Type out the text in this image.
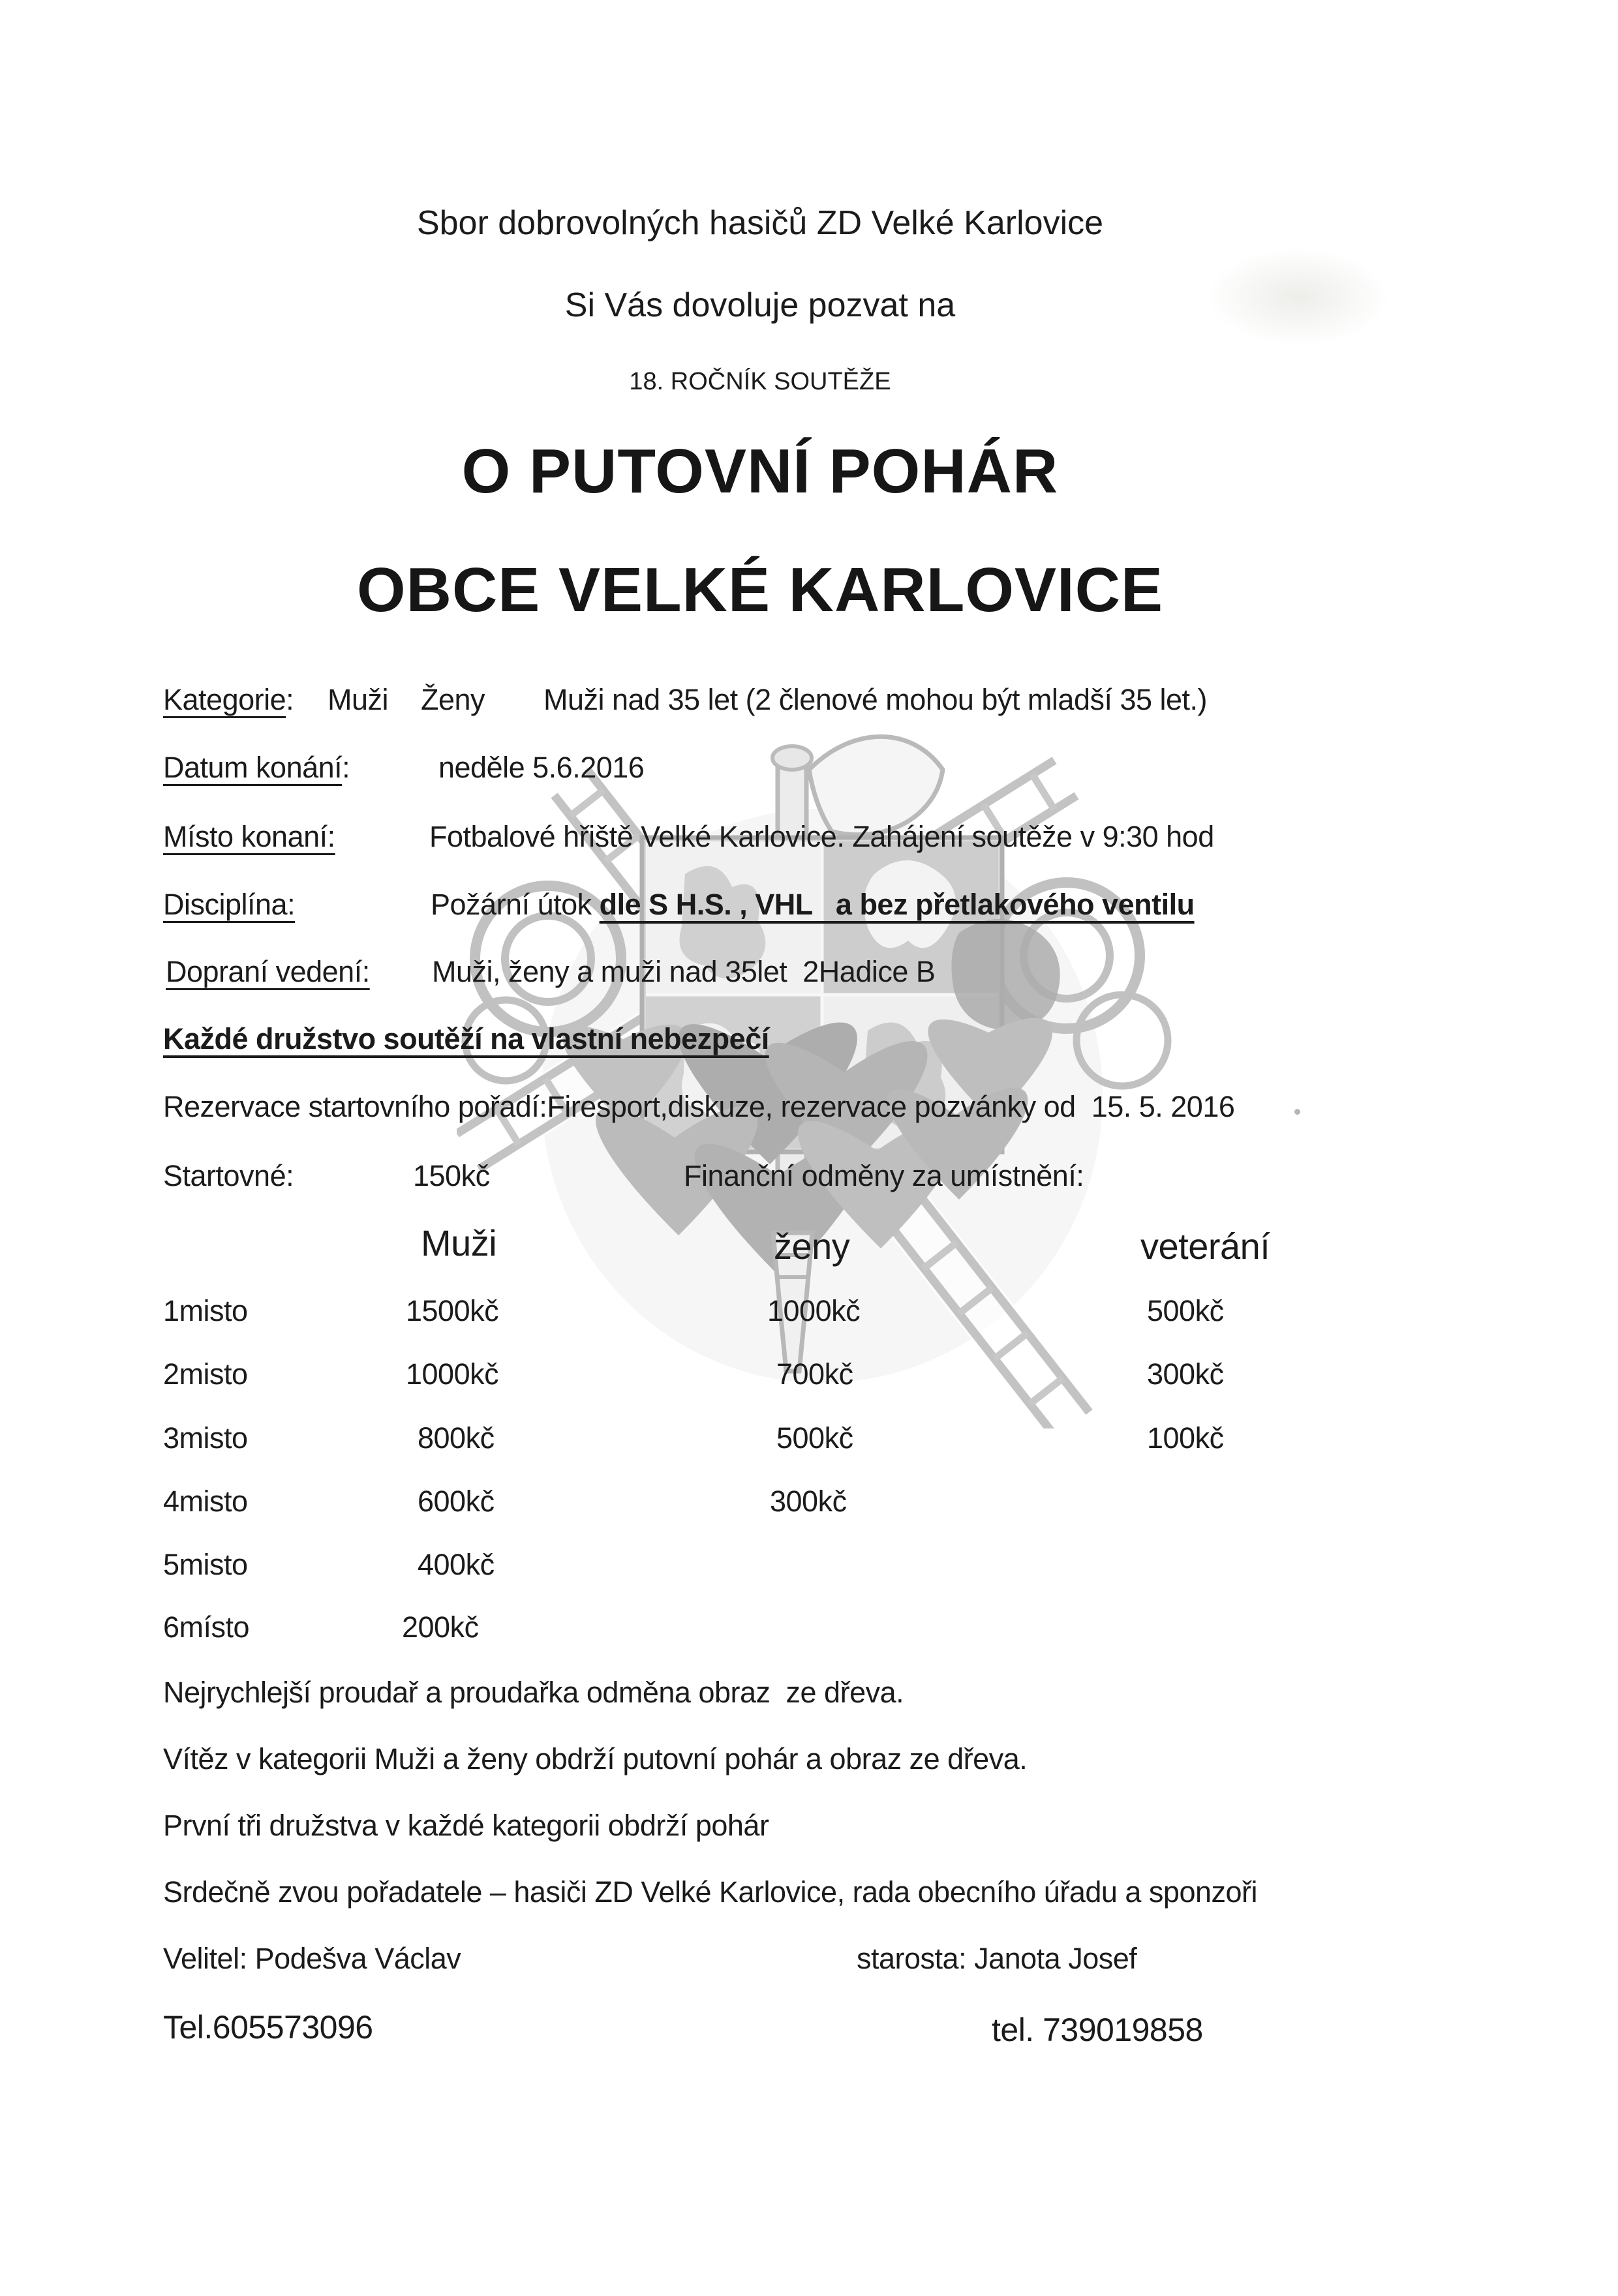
Sbor dobrovolných hasičů ZD Velké Karlovice
Si Vás dovoluje pozvat na
18. ROČNÍK SOUTĚŽE
O PUTOVNÍ POHÁR
OBCE VELKÉ KARLOVICE
Kategorie: Muži Ženy Muži nad 35 let (2 členové mohou být mladší 35 let.)
Datum konání:	neděle 5.6.2016
Místo konaní:	Fotbalové hřiště Velké Karlovice. Zahájení soutěže v 9:30 hod
Disciplína:	Požární útok dle S H.S. , VHL   a bez přetlakového ventilu
Dopraní vedení: Muži, ženy a muži nad 35let  2Hadice B
Každé družstvo soutěží na vlastní nebezpečí
Rezervace startovního pořadí:Firesport,diskuze, rezervace pozvánky od  15. 5. 2016
Startovné:	150kč	Finanční odměny za umístnění:
Muži	ženy	veterání
1misto	1500kč	1000kč	500kč
2misto	1000kč	700kč	300kč
3misto	800kč	500kč	100kč
4misto	600kč	300kč
5misto	400kč
6místo	200kč
Nejrychlejší proudař a proudařka odměna obraz  ze dřeva.
Vítěz v kategorii Muži a ženy obdrží putovní pohár a obraz ze dřeva.
První tři družstva v každé kategorii obdrží pohár
Srdečně zvou pořadatele – hasiči ZD Velké Karlovice, rada obecního úřadu a sponzoři
Velitel: Podešva Václav	starosta: Janota Josef
Tel.605573096	tel. 739019858
